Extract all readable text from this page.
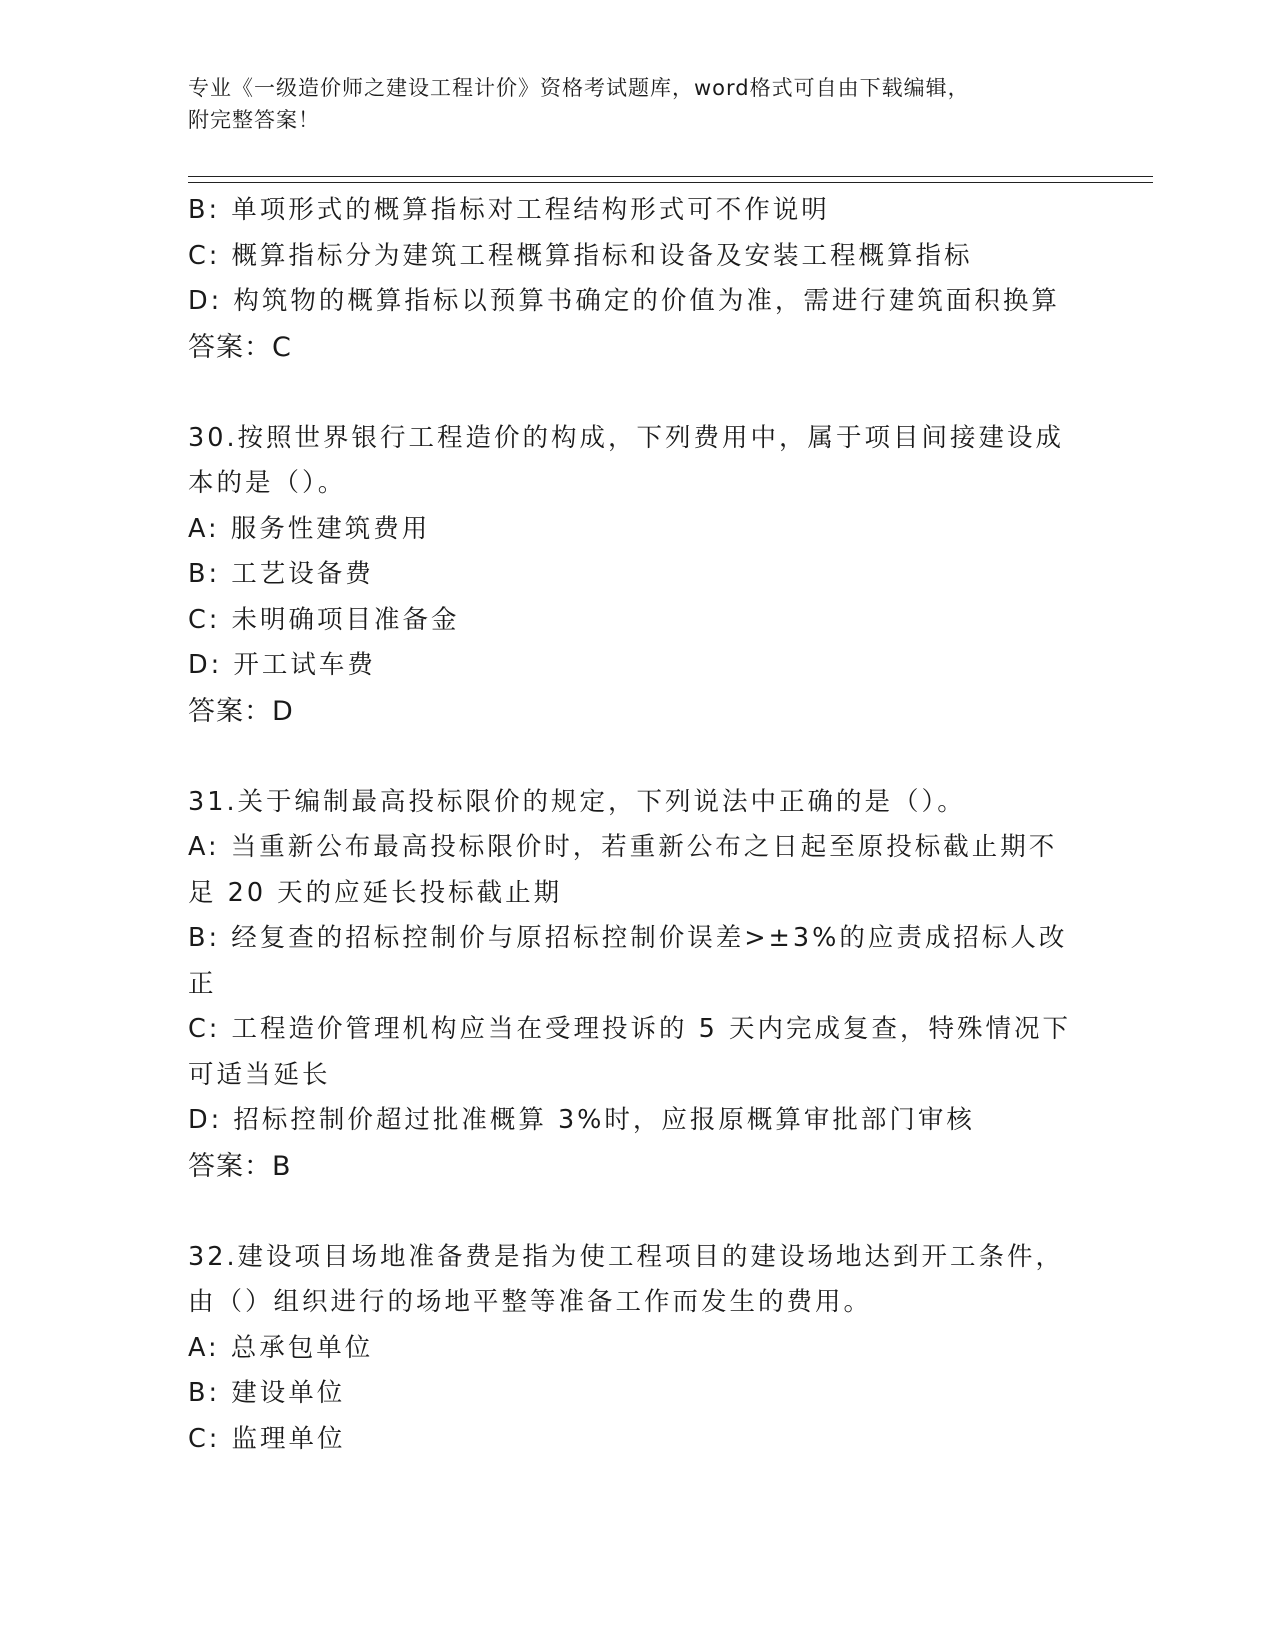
专业《一级造价师之建设工程计价》资格考试题库，word格式可自由下载编辑，
附完整答案！
B: 单项形式的概算指标对工程结构形式可不作说明
C: 概算指标分为建筑工程概算指标和设备及安装工程概算指标
D: 构筑物的概算指标以预算书确定的价值为准，需进行建筑面积换算
答案：C
30.按照世界银行工程造价的构成，下列费用中，属于项目间接建设成
本的是（）。
A: 服务性建筑费用
B: 工艺设备费
C: 未明确项目准备金
D: 开工试车费
答案：D
31.关于编制最高投标限价的规定，下列说法中正确的是（）。
A: 当重新公布最高投标限价时，若重新公布之日起至原投标截止期不
足 20 天的应延长投标截止期
B: 经复查的招标控制价与原招标控制价误差>±3%的应责成招标人改
正
C: 工程造价管理机构应当在受理投诉的 5 天内完成复查，特殊情况下
可适当延长
D: 招标控制价超过批准概算 3%时，应报原概算审批部门审核
答案：B
32.建设项目场地准备费是指为使工程项目的建设场地达到开工条件，
由（）组织进行的场地平整等准备工作而发生的费用。
A: 总承包单位
B: 建设单位
C: 监理单位
